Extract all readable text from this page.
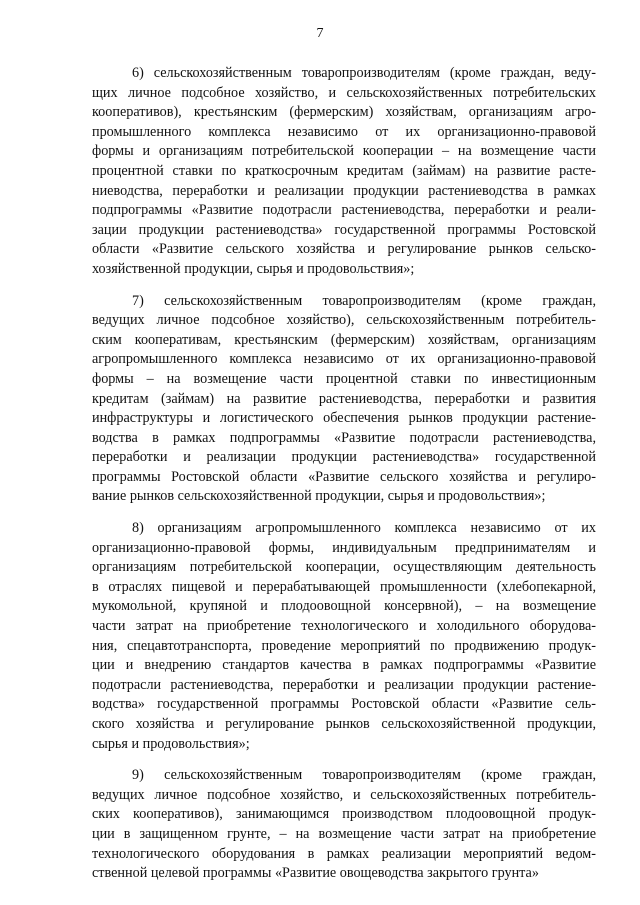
7
6) сельскохозяйственным товаропроизводителям (кроме граждан, веду-
щих личное подсобное хозяйство, и сельскохозяйственных потребительских
кооперативов), крестьянским (фермерским) хозяйствам, организациям агро-
промышленного комплекса независимо от их организационно-правовой
формы и организациям потребительской кооперации – на возмещение части
процентной ставки по краткосрочным кредитам (займам) на развитие расте-
ниеводства, переработки и реализации продукции растениеводства в рамках
подпрограммы «Развитие подотрасли растениеводства, переработки и реали-
зации продукции растениеводства» государственной программы Ростовской
области «Развитие сельского хозяйства и регулирование рынков сельско-
хозяйственной продукции, сырья и продовольствия»;
7) сельскохозяйственным товаропроизводителям (кроме граждан,
ведущих личное подсобное хозяйство), сельскохозяйственным потребитель-
ским кооперативам, крестьянским (фермерским) хозяйствам, организациям
агропромышленного комплекса независимо от их организационно-правовой
формы – на возмещение части процентной ставки по инвестиционным
кредитам (займам) на развитие растениеводства, переработки и развития
инфраструктуры и логистического обеспечения рынков продукции растение-
водства в рамках подпрограммы «Развитие подотрасли растениеводства,
переработки и реализации продукции растениеводства» государственной
программы Ростовской области «Развитие сельского хозяйства и регулиро-
вание рынков сельскохозяйственной продукции, сырья и продовольствия»;
8) организациям агропромышленного комплекса независимо от их
организационно-правовой формы, индивидуальным предпринимателям и
организациям потребительской кооперации, осуществляющим деятельность
в отраслях пищевой и перерабатывающей промышленности (хлебопекарной,
мукомольной, крупяной и плодоовощной консервной), – на возмещение
части затрат на приобретение технологического и холодильного оборудова-
ния, спецавтотранспорта, проведение мероприятий по продвижению продук-
ции и внедрению стандартов качества в рамках подпрограммы «Развитие
подотрасли растениеводства, переработки и реализации продукции растение-
водства» государственной программы Ростовской области «Развитие сель-
ского хозяйства и регулирование рынков сельскохозяйственной продукции,
сырья и продовольствия»;
9) сельскохозяйственным товаропроизводителям (кроме граждан,
ведущих личное подсобное хозяйство, и сельскохозяйственных потребитель-
ских кооперативов), занимающимся производством плодоовощной продук-
ции в защищенном грунте, – на возмещение части затрат на приобретение
технологического оборудования в рамках реализации мероприятий ведом-
ственной целевой программы «Развитие овощеводства закрытого грунта»
